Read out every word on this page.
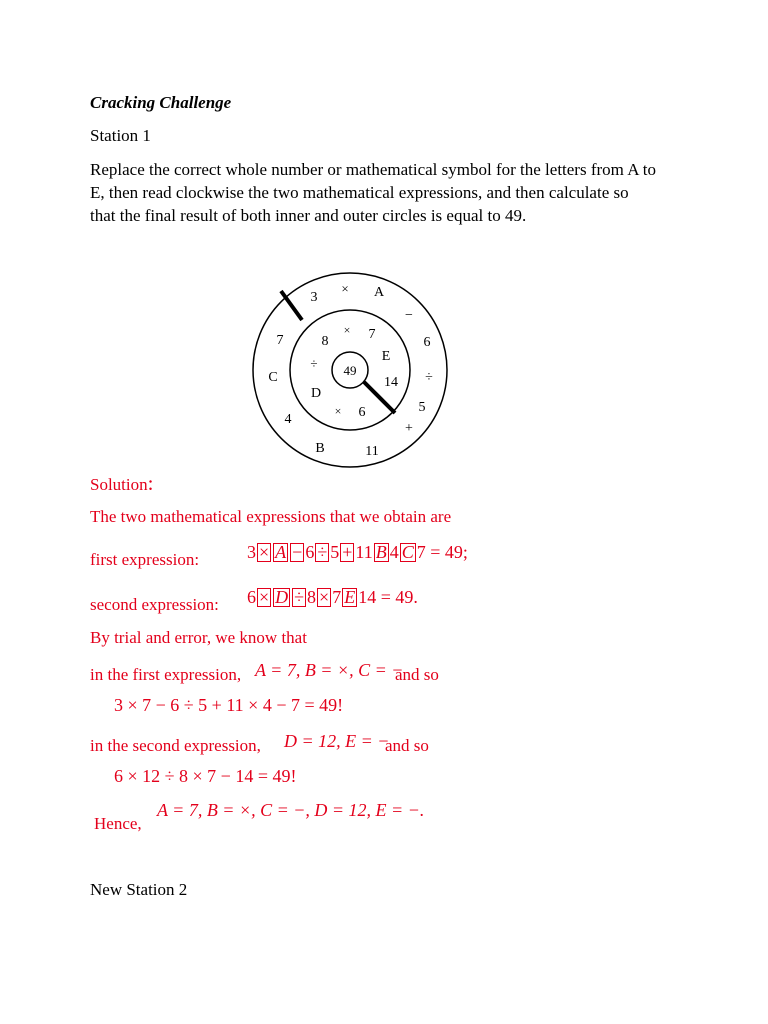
Cracking Challenge
Station 1
Replace the correct whole number or mathematical symbol for the letters from A to
E, then read clockwise the two mathematical expressions, and then calculate so
that the final result of both inner and outer circles is equal to 49.
49
3
× A
−
6
÷
5
+
11
B
4
C
7	8
× 7
E
14
6
×
D
÷
Solution:
The two mathematical expressions that we obtain are
first expression:	3 × A − 6 ÷ 5 + 11 B 4 C 7 = 49;
second expression: 6 × D ÷ 8 × 7 E 14 = 49.
By trial and error, we know that
in the first expression, A = 7, B = ×, C = −
and so
3 × 7 − 6 ÷ 5 + 11 × 4 − 7 = 49!
in the second expression, D = 12, E = −
and so
6 × 12 ÷ 8 × 7 − 14 = 49!
Hence,
A = 7, B = ×, C = −, D = 12, E = −.
New Station 2
